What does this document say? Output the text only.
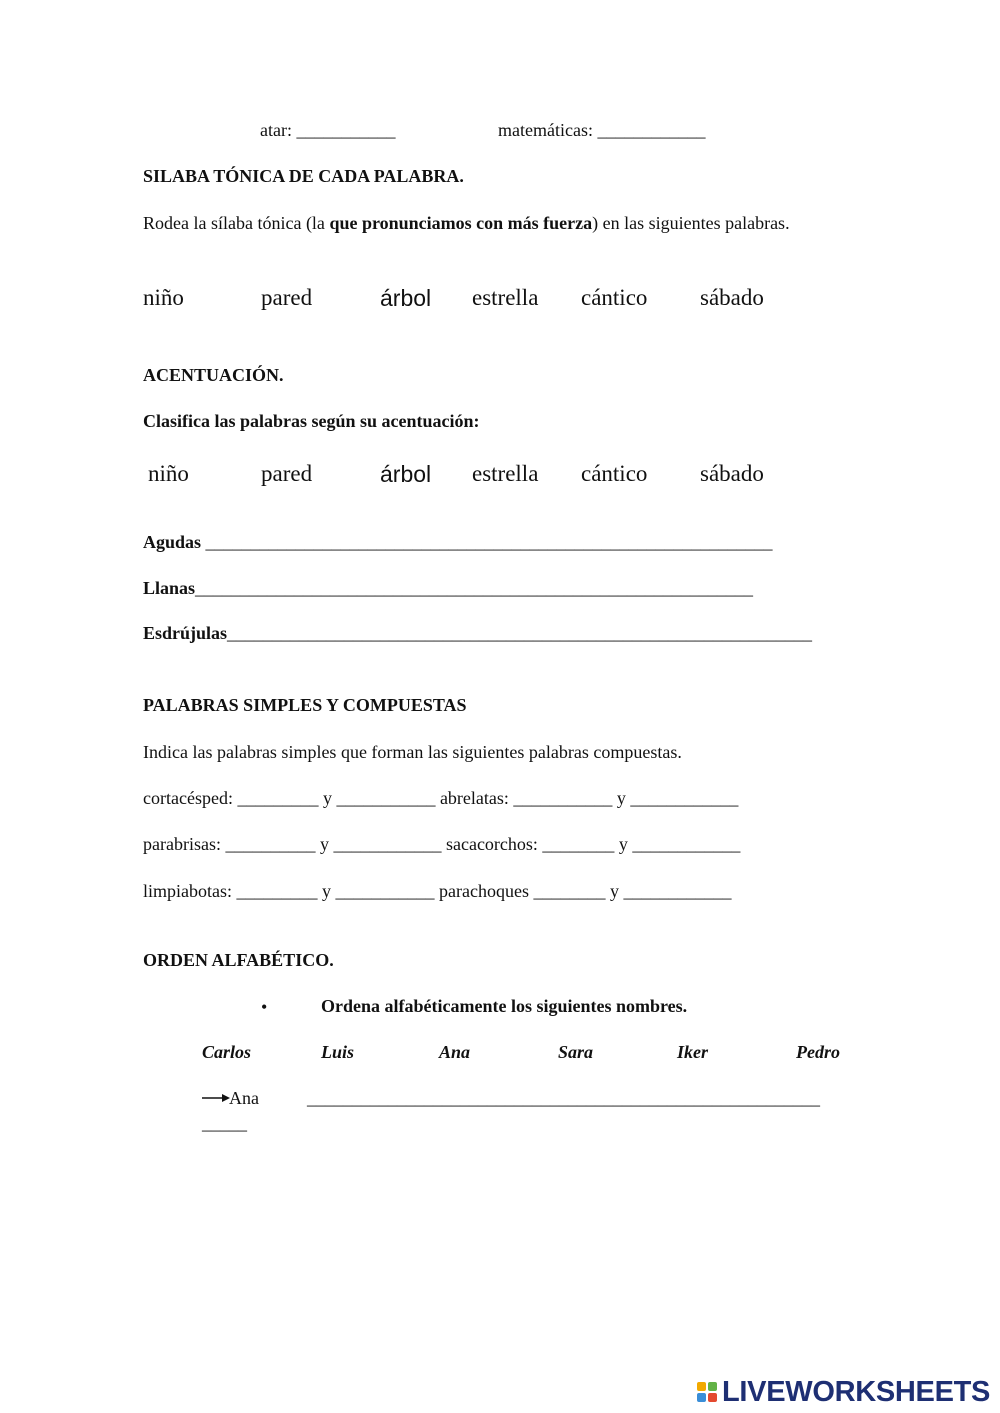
atar: ___________	matemáticas: ____________
SILABA TÓNICA DE CADA PALABRA.
Rodea la sílaba tónica (la que pronunciamos con más fuerza) en las siguientes palabras.
niño	pared	árbol estrella cántico sábado
ACENTUACIÓN.
Clasifica las palabras según su acentuación:
niño	pared	árbol estrella cántico sábado
Agudas _______________________________________________________________
Llanas______________________________________________________________
Esdrújulas_________________________________________________________________
PALABRAS SIMPLES Y COMPUESTAS
Indica las palabras simples que forman las siguientes palabras compuestas.
cortacésped: _________ y ___________ abrelatas: ___________ y ____________
parabrisas: __________ y ____________ sacacorchos: ________ y ____________
limpiabotas: _________ y ___________ parachoques ________ y ____________
ORDEN ALFABÉTICO.
•	Ordena alfabéticamente los siguientes nombres.
Carlos	Luis	Ana	Sara	Iker	Pedro
Ana	_________________________________________________________
_____
LIVEWORKSHEETS
